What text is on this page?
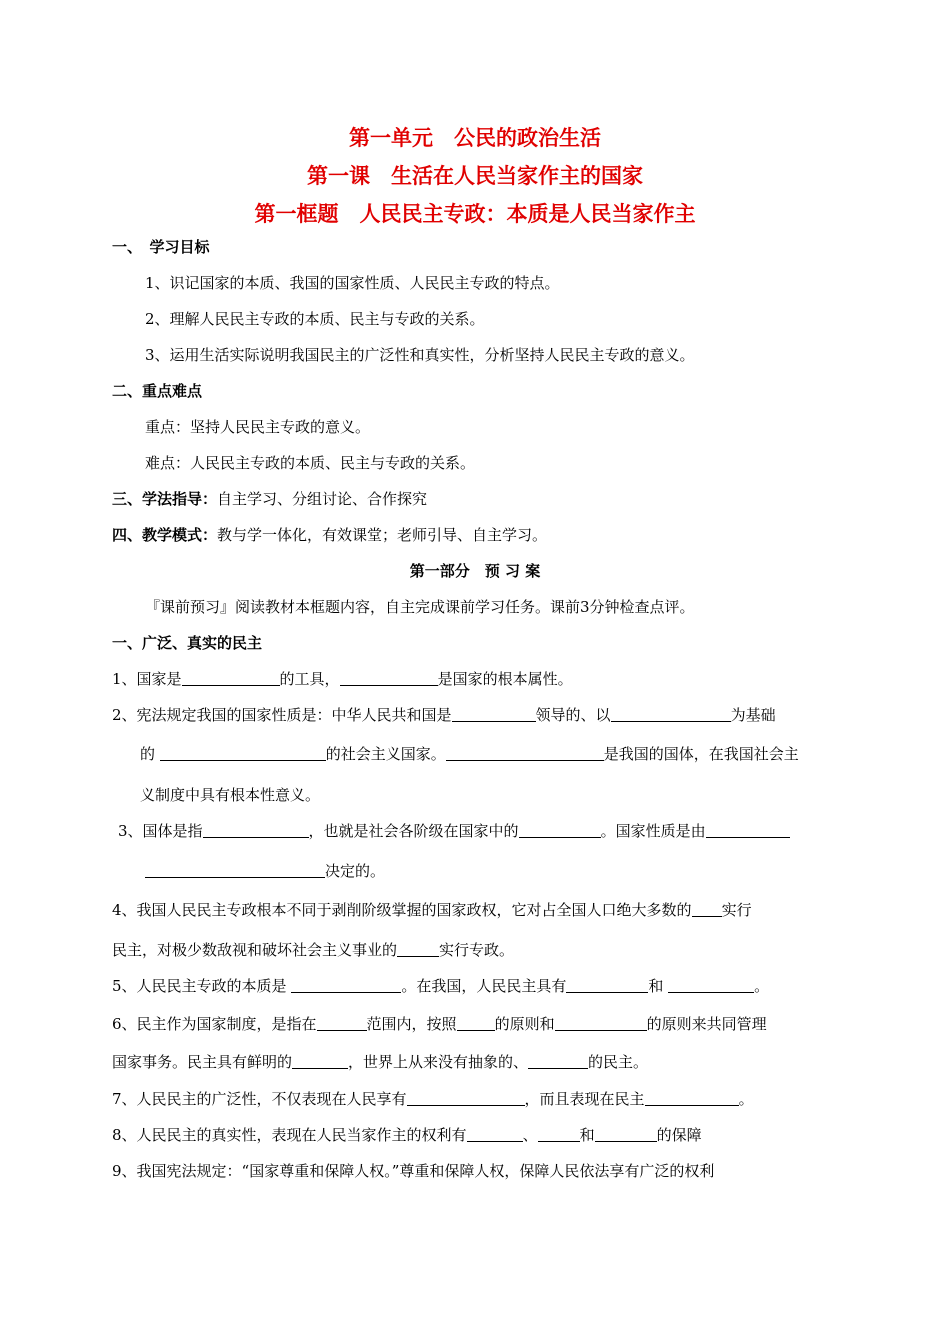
第一单元　公民的政治生活
第一课　生活在人民当家作主的国家
第一框题　人民民主专政：本质是人民当家作主
一、　学习目标
1、识记国家的本质、我国的国家性质、人民民主专政的特点。
2、理解人民民主专政的本质、民主与专政的关系。
3、运用生活实际说明我国民主的广泛性和真实性，分析坚持人民民主专政的意义。
二、重点难点
重点：坚持人民民主专政的意义。
难点：人民民主专政的本质、民主与专政的关系。
三、学法指导：自主学习、分组讨论、合作探究
四、教学模式：教与学一体化，有效课堂；老师引导、自主学习。
第一部分　预 习 案
『课前预习』阅读教材本框题内容，自主完成课前学习任务。课前3分钟检查点评。
一、广泛、真实的民主
1、国家是	的工具，	是国家的根本属性。
2、宪法规定我国的国家性质是：中华人民共和国是	领导的、以	为基础
的	的社会主义国家。	是我国的国体，在我国社会主
义制度中具有根本性意义。
3、国体是指	，也就是社会各阶级在国家中的	。国家性质是由
决定的。
4、我国人民民主专政根本不同于剥削阶级掌握的国家政权，它对占全国人口绝大多数的 实行
民主，对极少数敌视和破坏社会主义事业的	实行专政。
5、人民民主专政的本质是	。在我国，人民民主具有	和	。
6、民主作为国家制度，是指在	范围内，按照	的原则和	的原则来共同管理
国家事务。民主具有鲜明的	，世界上从来没有抽象的、	的民主。
7、人民民主的广泛性，不仅表现在人民享有	，而且表现在民主	。
8、人民民主的真实性，表现在人民当家作主的权利有	、	和	的保障
9、我国宪法规定：“国家尊重和保障人权。”尊重和保障人权，保障人民依法享有广泛的权利
